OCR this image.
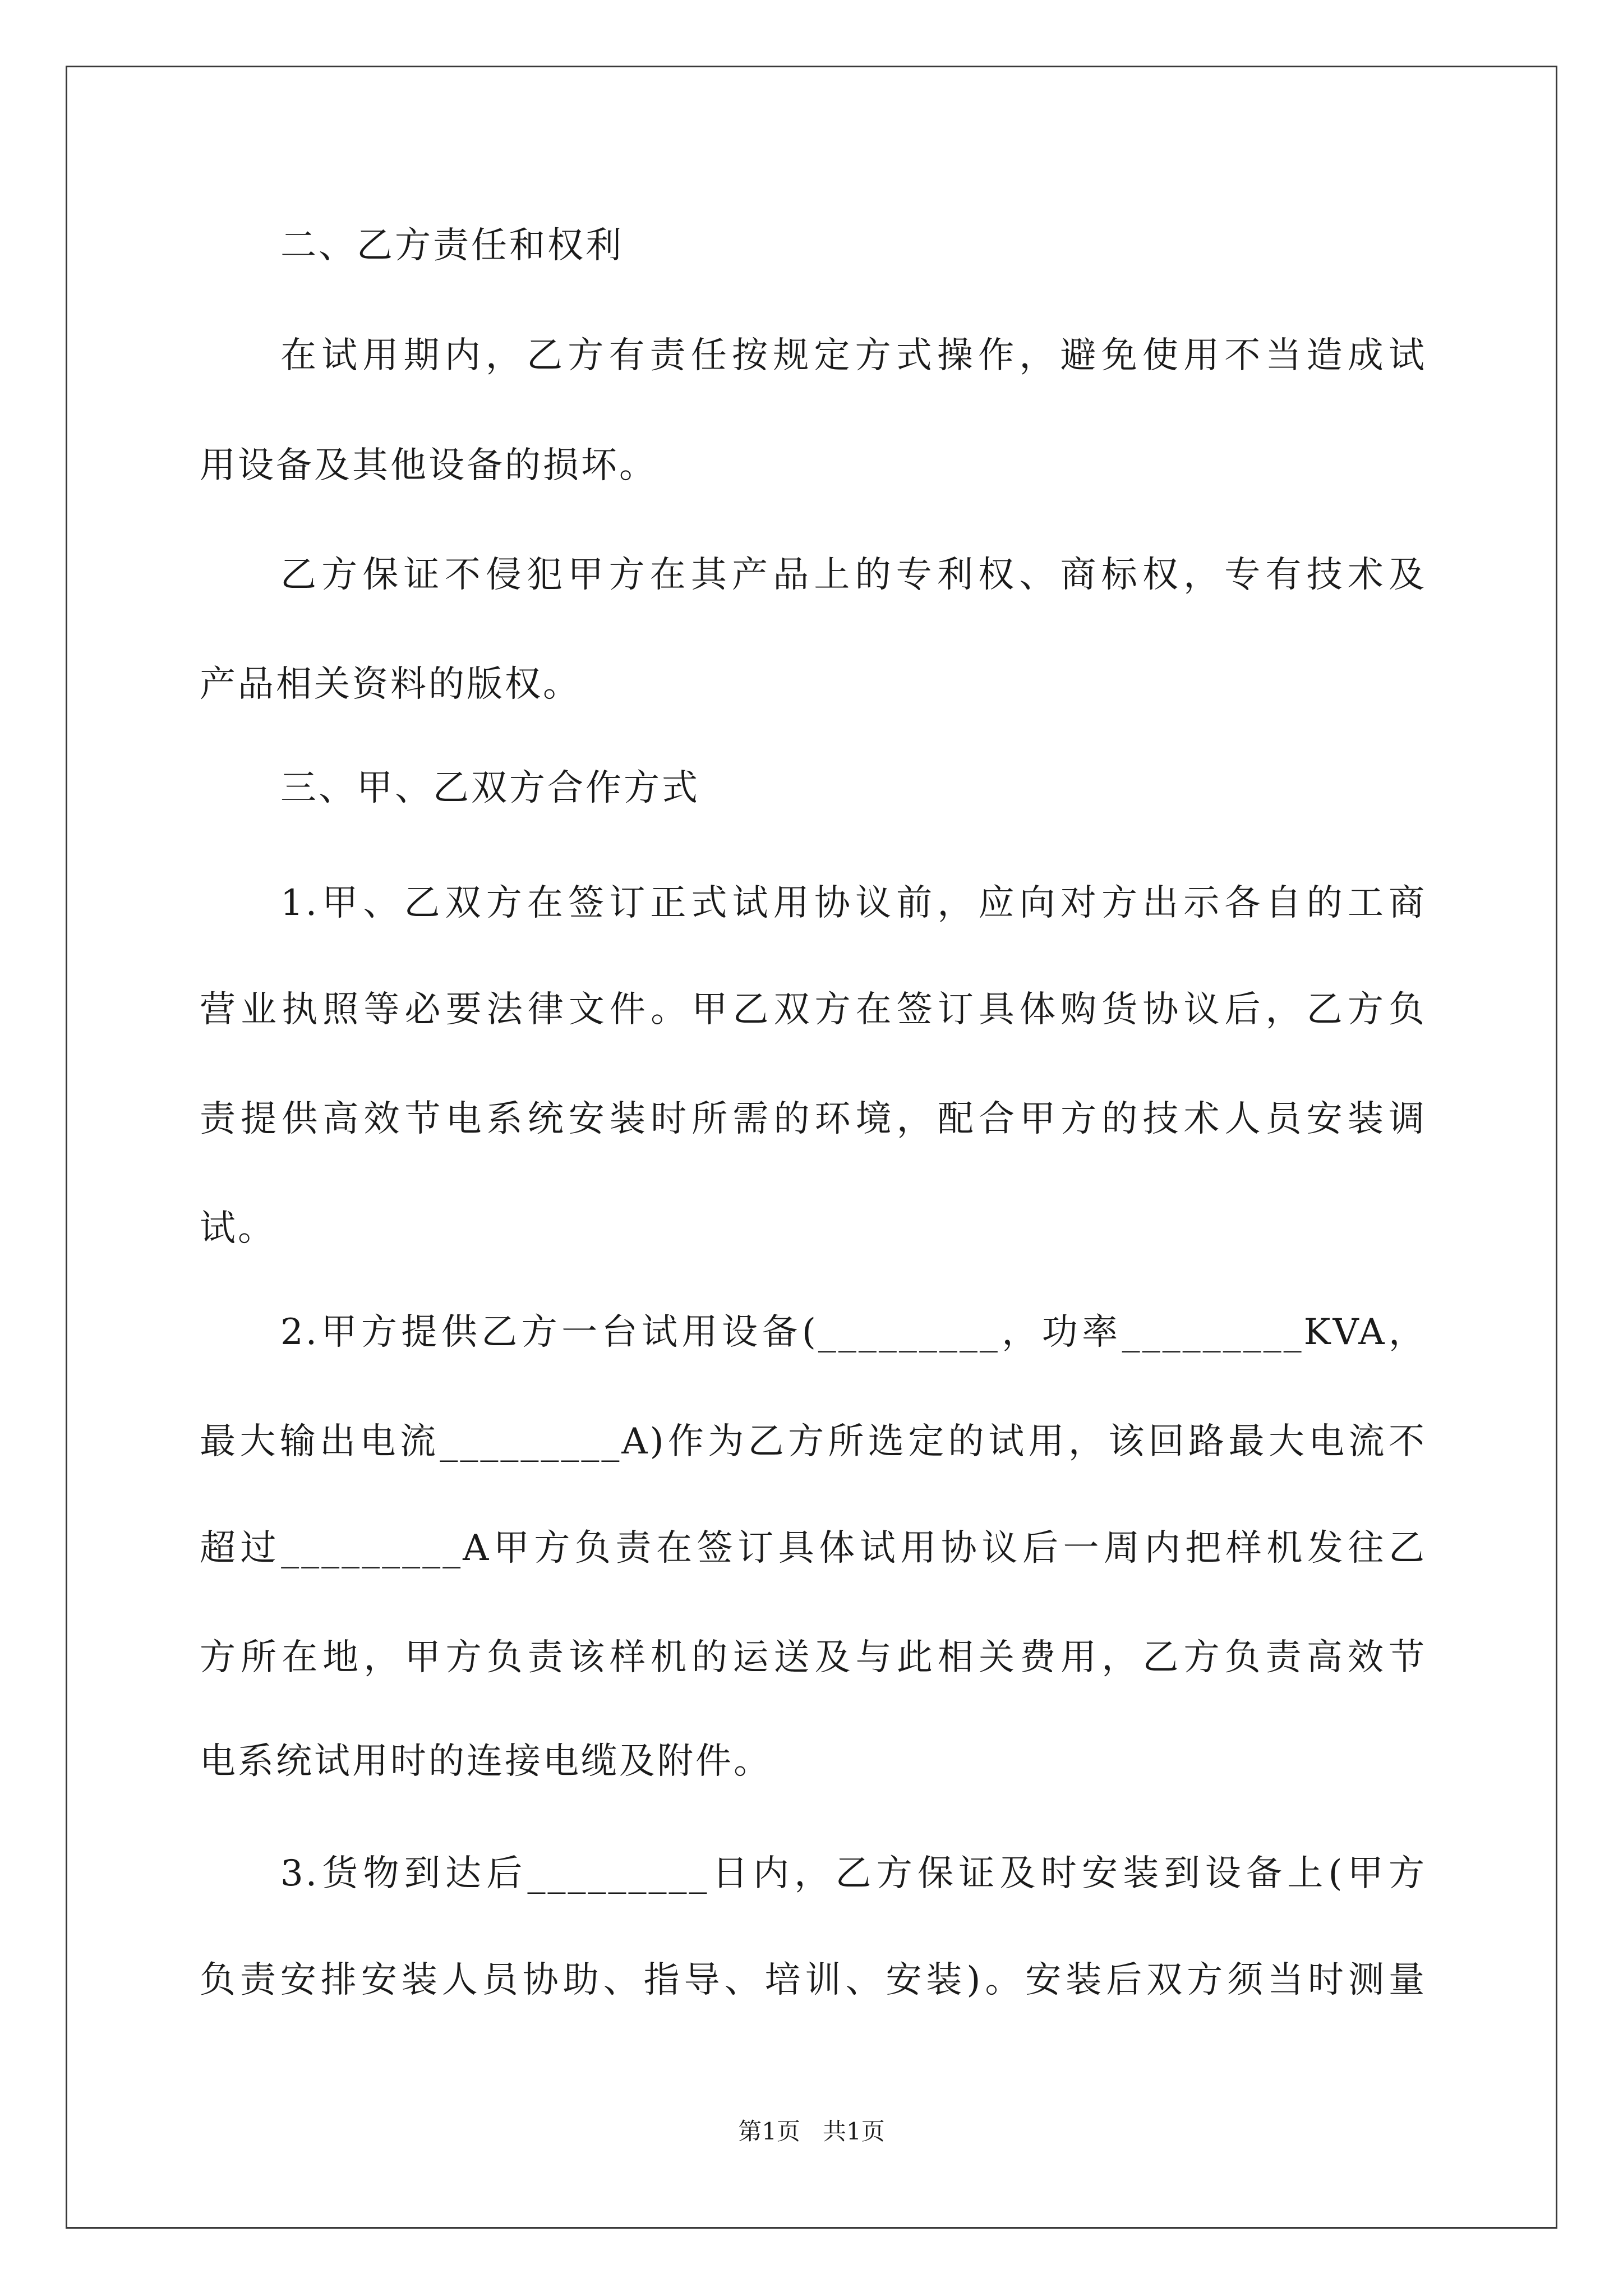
二、乙方责任和权利
在试用期内，乙方有责任按规定方式操作，避免使用不当造成试
用设备及其他设备的损坏。
乙方保证不侵犯甲方在其产品上的专利权、商标权，专有技术及
产品相关资料的版权。
三、甲、乙双方合作方式
1.甲、乙双方在签订正式试用协议前，应向对方出示各自的工商
营业执照等必要法律文件。甲乙双方在签订具体购货协议后，乙方负
责提供高效节电系统安装时所需的环境，配合甲方的技术人员安装调
试。
2.甲方提供乙方一台试用设备(_________，功率_________KVA，
最大输出电流_________A)作为乙方所选定的试用，该回路最大电流不
超过_________A甲方负责在签订具体试用协议后一周内把样机发往乙
方所在地，甲方负责该样机的运送及与此相关费用，乙方负责高效节
电系统试用时的连接电缆及附件。
3.货物到达后_________日内，乙方保证及时安装到设备上(甲方
负责安排安装人员协助、指导、培训、安装)。安装后双方须当时测量
第1页   共1页
